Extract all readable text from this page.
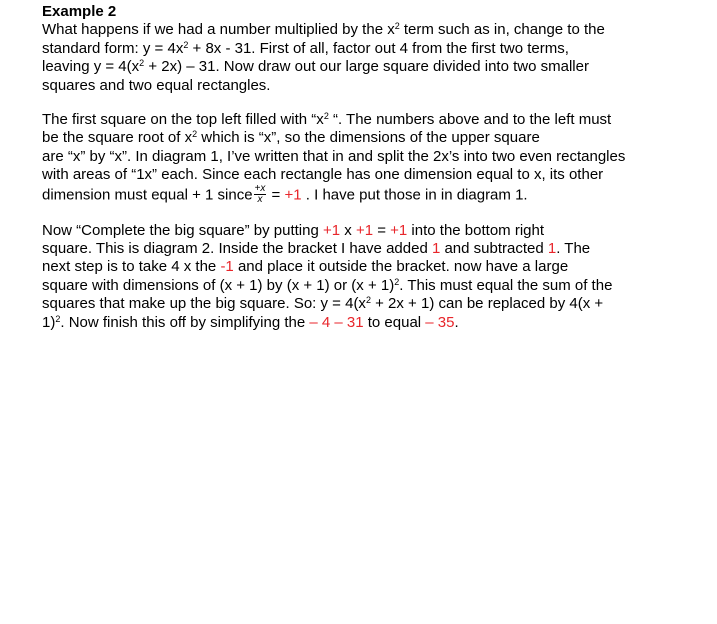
Example 2
What happens if we had a number multiplied by the $x^2$ term such as in, change to the
standard form: $y = 4x^2 + 8x - 31$. First of all, factor out 4 from the first two terms,
leaving $y = 4(x^2 + 2x) - 31$. Now draw out our large square divided into two smaller
squares and two equal rectangles.
The first square on the top left filled with “$x^2$ “. The numbers above and to the left must
be the square root of $x^2$ which is “x”, so the dimensions of the upper square
are “x” by “x”. In diagram 1, I’ve written that in and split the 2x’s into two even rectangles
with areas of “1x” each. Since each rectangle has one dimension equal to x, its other
dimension must equal + 1 since $\frac{+x}{x} = +1$ . I have put those in in diagram 1.
Now “Complete the big square” by putting +1 x +1 = +1 into the bottom right
square. This is diagram 2. Inside the bracket I have added 1 and subtracted 1. The
next step is to take 4 x the -1 and place it outside the bracket. now have a large
square with dimensions of (x + 1) by (x + 1) or $(x + 1)^2$. This must equal the sum of the
squares that make up the big square. So: $y = 4(x^2 + 2x + 1)$ can be replaced by 4(x +
1)$^2$. Now finish this off by simplifying the – 4 – 31 to equal – 35.
